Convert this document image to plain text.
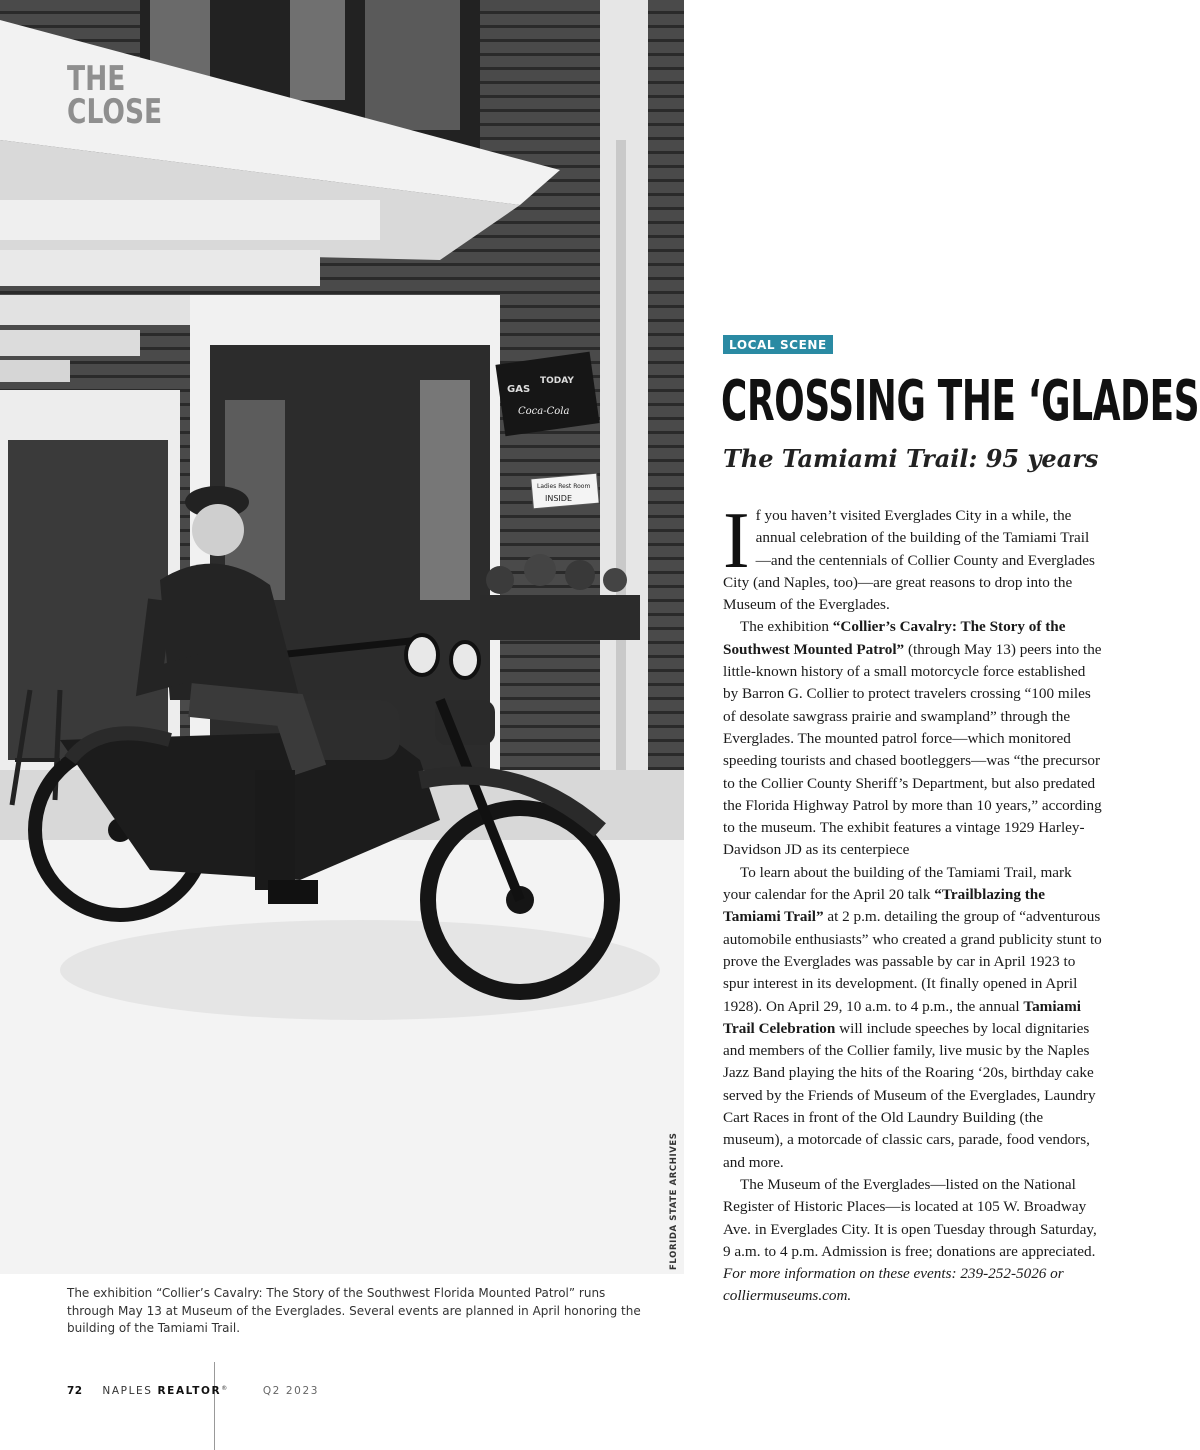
GAS
TODAY
Coca-Cola
Ladies Rest Room
INSIDE
THE
CLOSE
FLORIDA STATE ARCHIVES

The exhibition “Collier’s Cavalry: The Story of the Southwest Florida Mounted Patrol” runs through May 13 at Museum of the Everglades. Several events are planned in April honoring the building of the Tamiami Trail.

LOCAL SCENE
CROSSING THE ‘GLADES
The Tamiami Trail: 95 years

If you haven’t visited Everglades City in a while, the annual celebration of the building of the Tamiami Trail—and the centennials of Collier County and Everglades City (and Naples, too)—are great reasons to drop into the Museum of the Everglades.

The exhibition “Collier’s Cavalry: The Story of the Southwest Mounted Patrol” (through May 13) peers into the little-known history of a small motorcycle force established by Barron G. Collier to protect travelers crossing “100 miles of desolate sawgrass prairie and swampland” through the Everglades. The mounted patrol force—which monitored speeding tourists and chased bootleggers—was “the precursor to the Collier County Sheriff’s Department, but also predated the Florida Highway Patrol by more than 10 years,” according to the museum. The exhibit features a vintage 1929 Harley-Davidson JD as its centerpiece

To learn about the building of the Tamiami Trail, mark your calendar for the April 20 talk “Trailblazing the Tamiami Trail” at 2 p.m. detailing the group of “adventurous automobile enthusiasts” who created a grand publicity stunt to prove the Everglades was passable by car in April 1923 to spur interest in its development. (It finally opened in April 1928). On April 29, 10 a.m. to 4 p.m., the annual Tamiami Trail Celebration will include speeches by local dignitaries and members of the Collier family, live music by the Naples Jazz Band playing the hits of the Roaring ‘20s, birthday cake served by the Friends of Museum of the Everglades, Laundry Cart Races in front of the Old Laundry Building (the museum), a motorcade of classic cars, parade, food vendors, and more.

The Museum of the Everglades—listed on the National Register of Historic Places—is located at 105 W. Broadway Ave. in Everglades City. It is open Tuesday through Saturday, 9 a.m. to 4 p.m. Admission is free; donations are appreciated. For more information on these events: 239-252-5026 or colliermuseums.com.

72 NAPLES REALTOR®	Q2 2023
